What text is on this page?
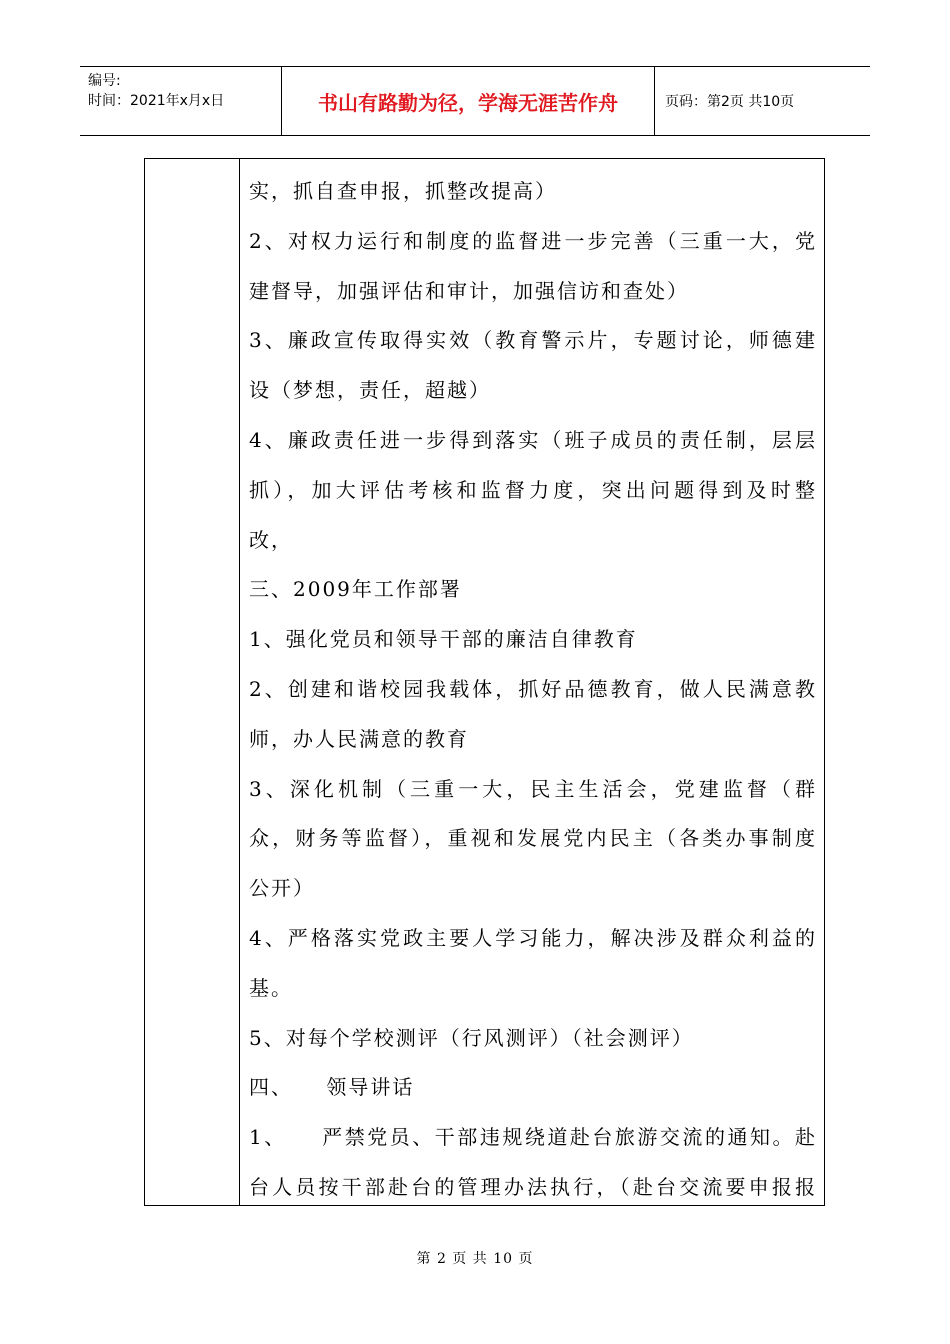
编号:
时间：2021年x月x日	书山有路勤为径，学海无涯苦作舟	页码：第2页 共10页
实，抓自查申报，抓整改提高）
2、对权力运行和制度的监督进一步完善（三重一大，党
建督导，加强评估和审计，加强信访和查处）
3、廉政宣传取得实效（教育警示片，专题讨论，师德建
设（梦想，责任，超越）
4、廉政责任进一步得到落实（班子成员的责任制，层层
抓），加大评估考核和监督力度，突出问题得到及时整
改，
三、2009年工作部署
1、强化党员和领导干部的廉洁自律教育
2、创建和谐校园我载体，抓好品德教育，做人民满意教
师，办人民满意的教育
3、深化机制（三重一大，民主生活会，党建监督（群
众，财务等监督），重视和发展党内民主（各类办事制度
公开）
4、严格落实党政主要人学习能力，解决涉及群众利益的
基。
5、对每个学校测评（行风测评）（社会测评）
四、    领导讲话
1、    严禁党员、干部违规绕道赴台旅游交流的通知。赴
台人员按干部赴台的管理办法执行，（赴台交流要申报报
第 2 页 共 10 页
